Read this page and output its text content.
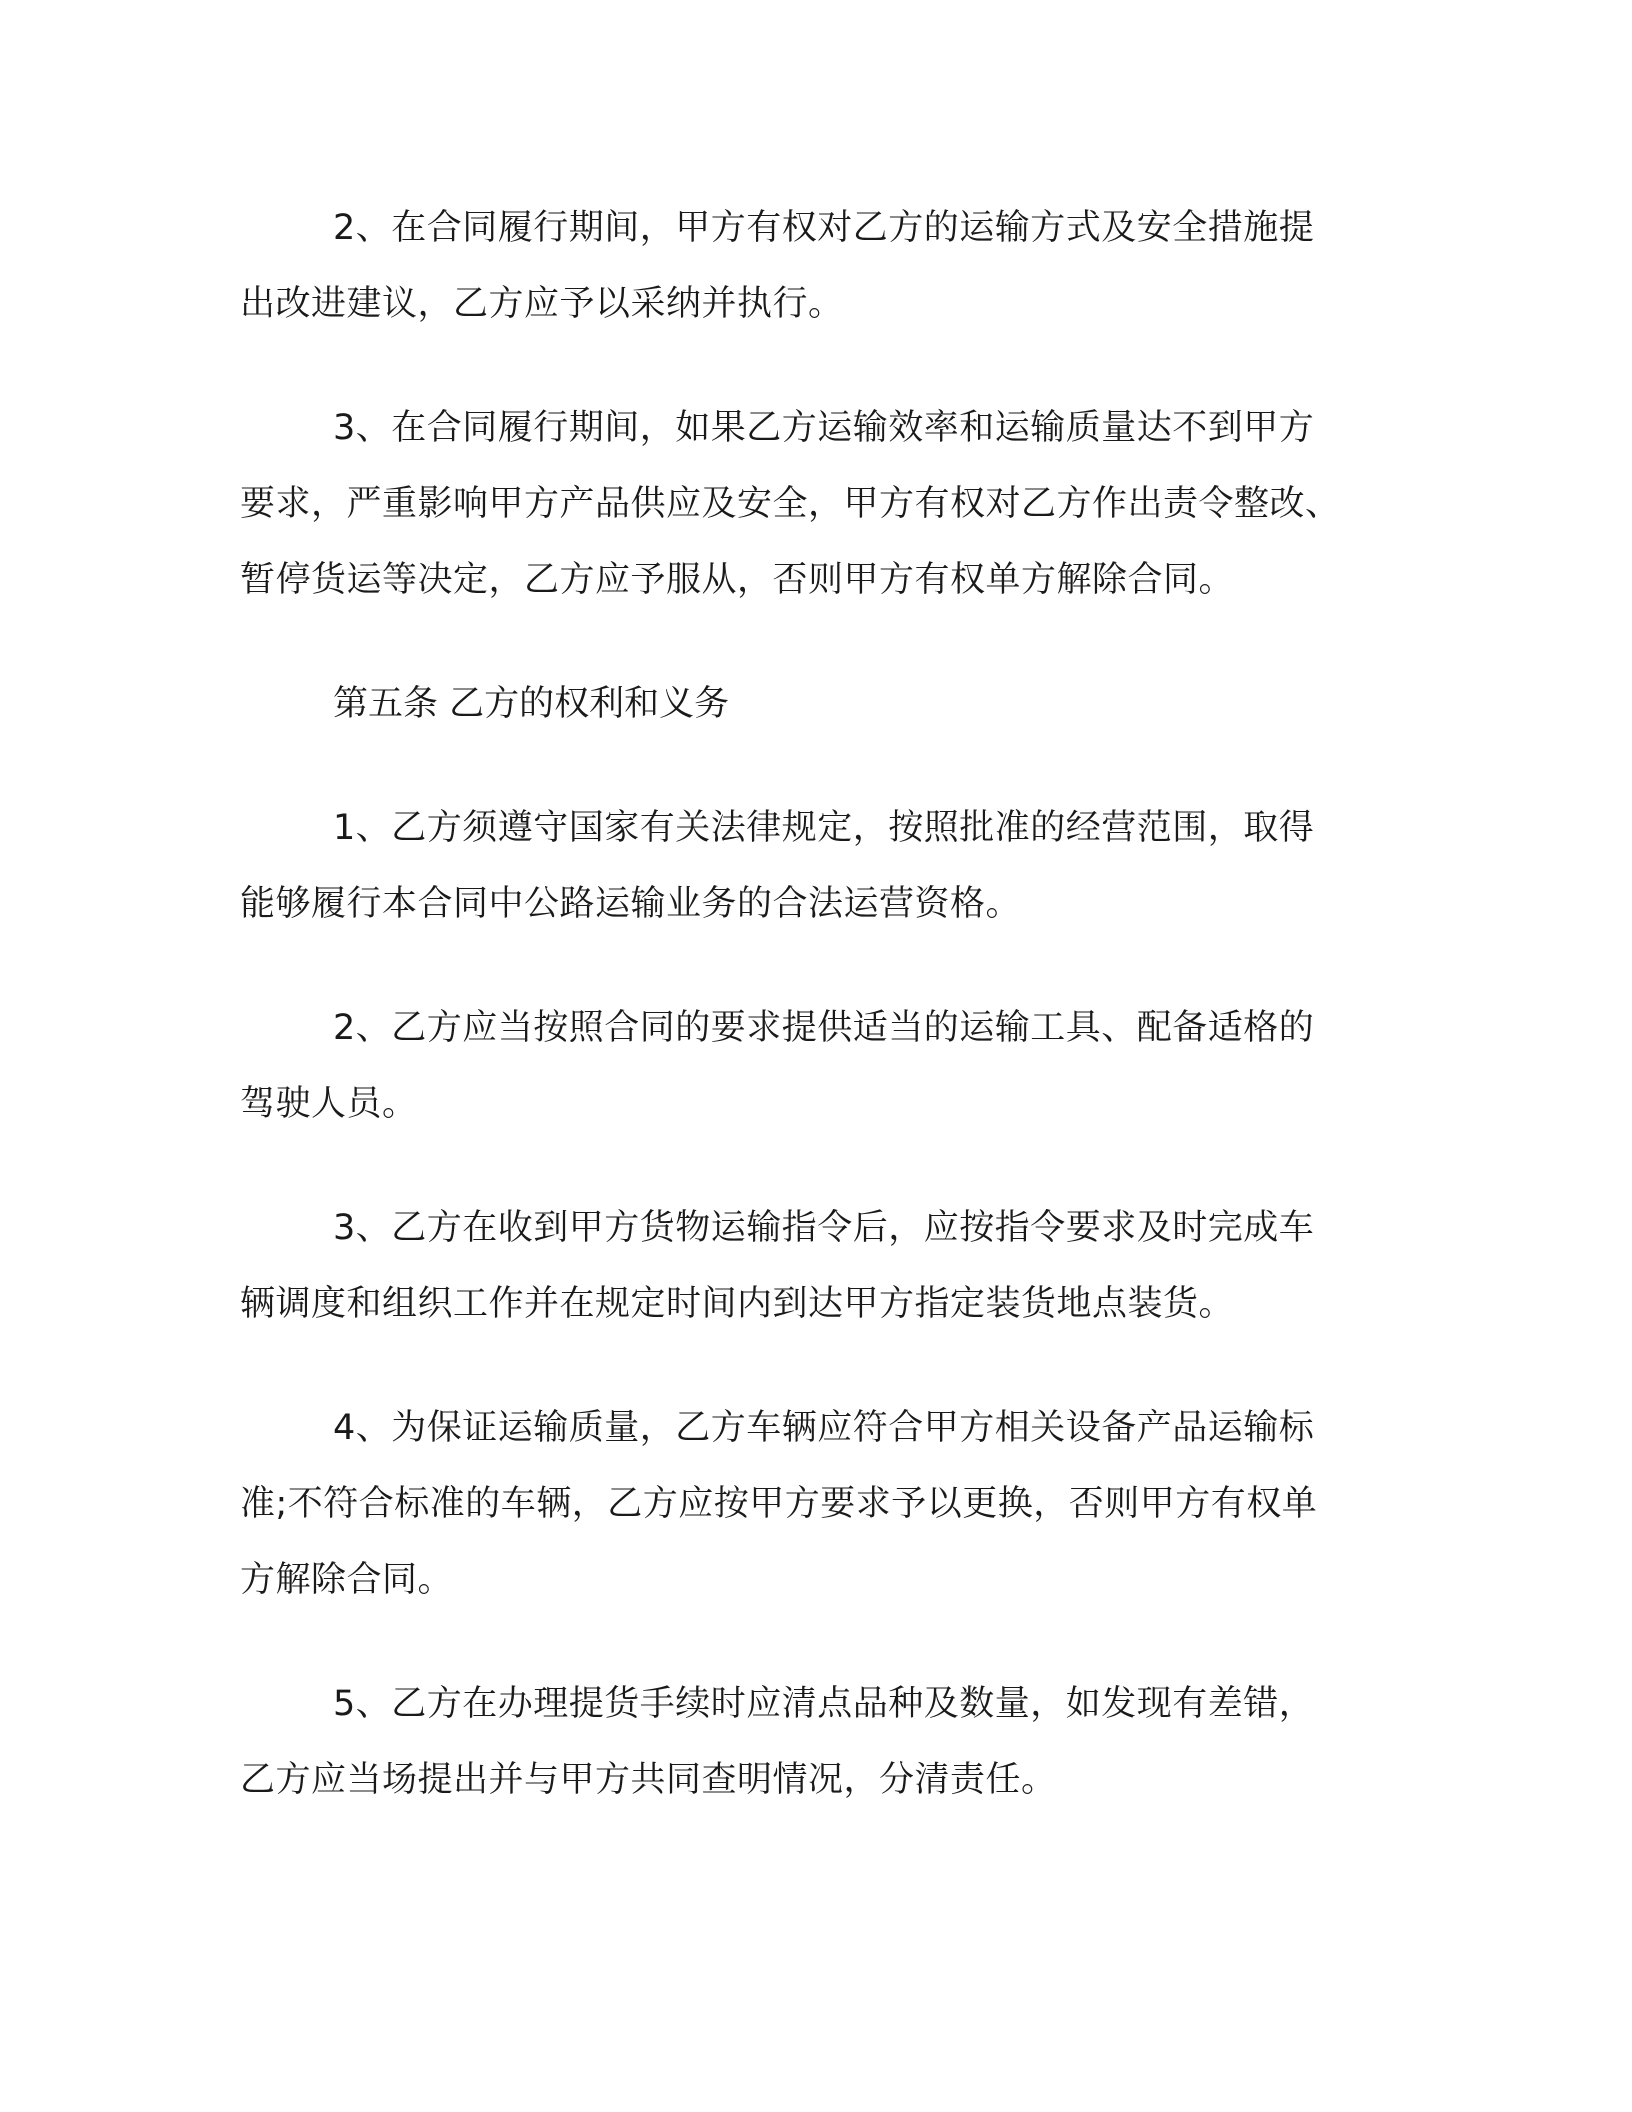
2、在合同履行期间，甲方有权对乙方的运输方式及安全措施提
出改进建议，乙方应予以采纳并执行。

3、在合同履行期间，如果乙方运输效率和运输质量达不到甲方
要求，严重影响甲方产品供应及安全，甲方有权对乙方作出责令整改、
暂停货运等决定，乙方应予服从，否则甲方有权单方解除合同。

第五条 乙方的权利和义务

1、乙方须遵守国家有关法律规定，按照批准的经营范围，取得
能够履行本合同中公路运输业务的合法运营资格。

2、乙方应当按照合同的要求提供适当的运输工具、配备适格的
驾驶人员。

3、乙方在收到甲方货物运输指令后，应按指令要求及时完成车
辆调度和组织工作并在规定时间内到达甲方指定装货地点装货。

4、为保证运输质量，乙方车辆应符合甲方相关设备产品运输标
准;不符合标准的车辆，乙方应按甲方要求予以更换，否则甲方有权单
方解除合同。

5、乙方在办理提货手续时应清点品种及数量，如发现有差错，
乙方应当场提出并与甲方共同查明情况，分清责任。
